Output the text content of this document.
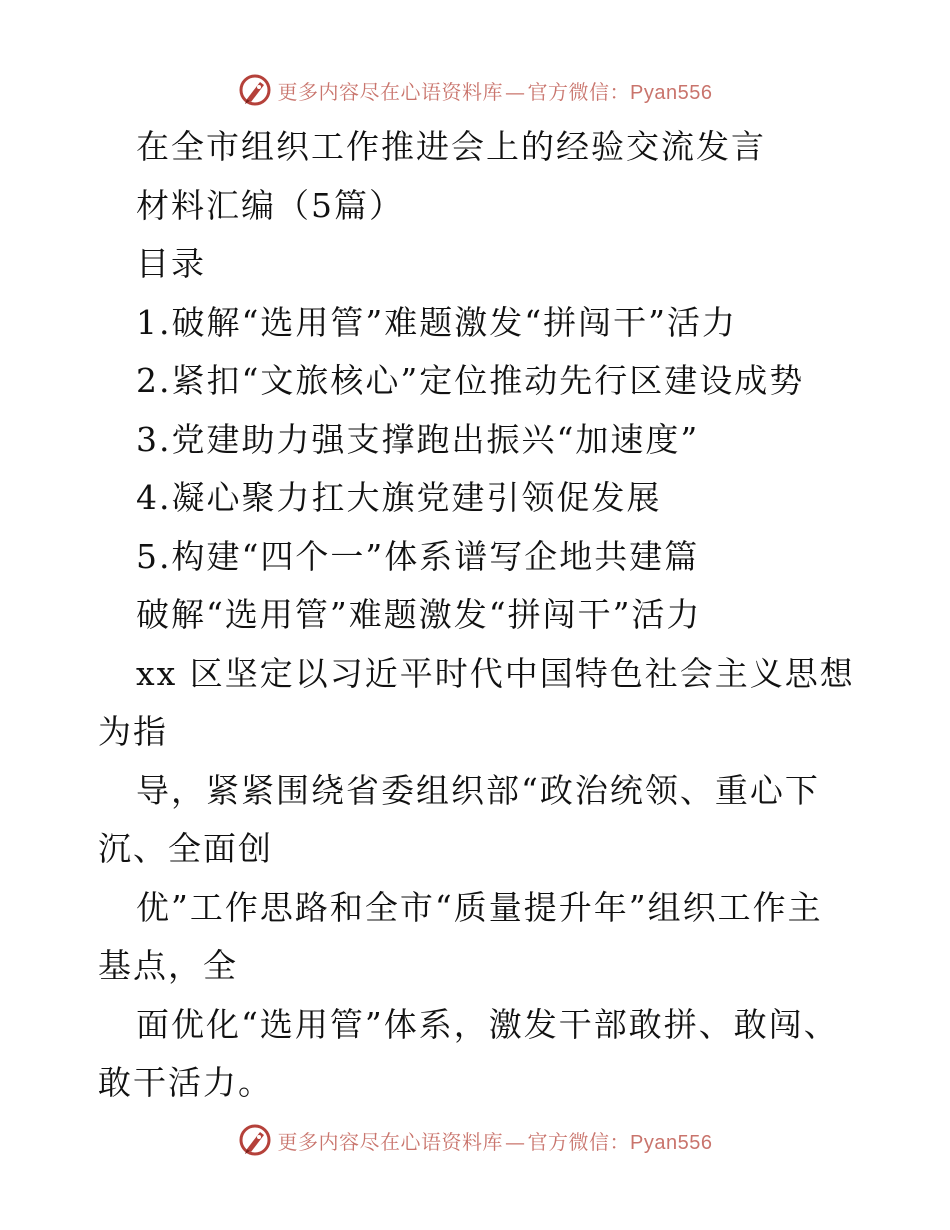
更多内容尽在心语资料库 — 官方微信：Pyan556
在全市组织工作推进会上的经验交流发言
材料汇编（5篇）
目录
1.破解“选用管”难题激发“拼闯干”活力
2.紧扣“文旅核心”定位推动先行区建设成势
3.党建助力强支撑跑出振兴“加速度”
4.凝心聚力扛大旗党建引领促发展
5.构建“四个一”体系谱写企地共建篇
破解“选用管”难题激发“拼闯干”活力
xx 区坚定以习近平时代中国特色社会主义思想
为指
导，紧紧围绕省委组织部“政治统领、重心下
沉、全面创
优”工作思路和全市“质量提升年”组织工作主
基点，全
面优化“选用管”体系，激发干部敢拼、敢闯、
敢干活力。
更多内容尽在心语资料库 — 官方微信：Pyan556
